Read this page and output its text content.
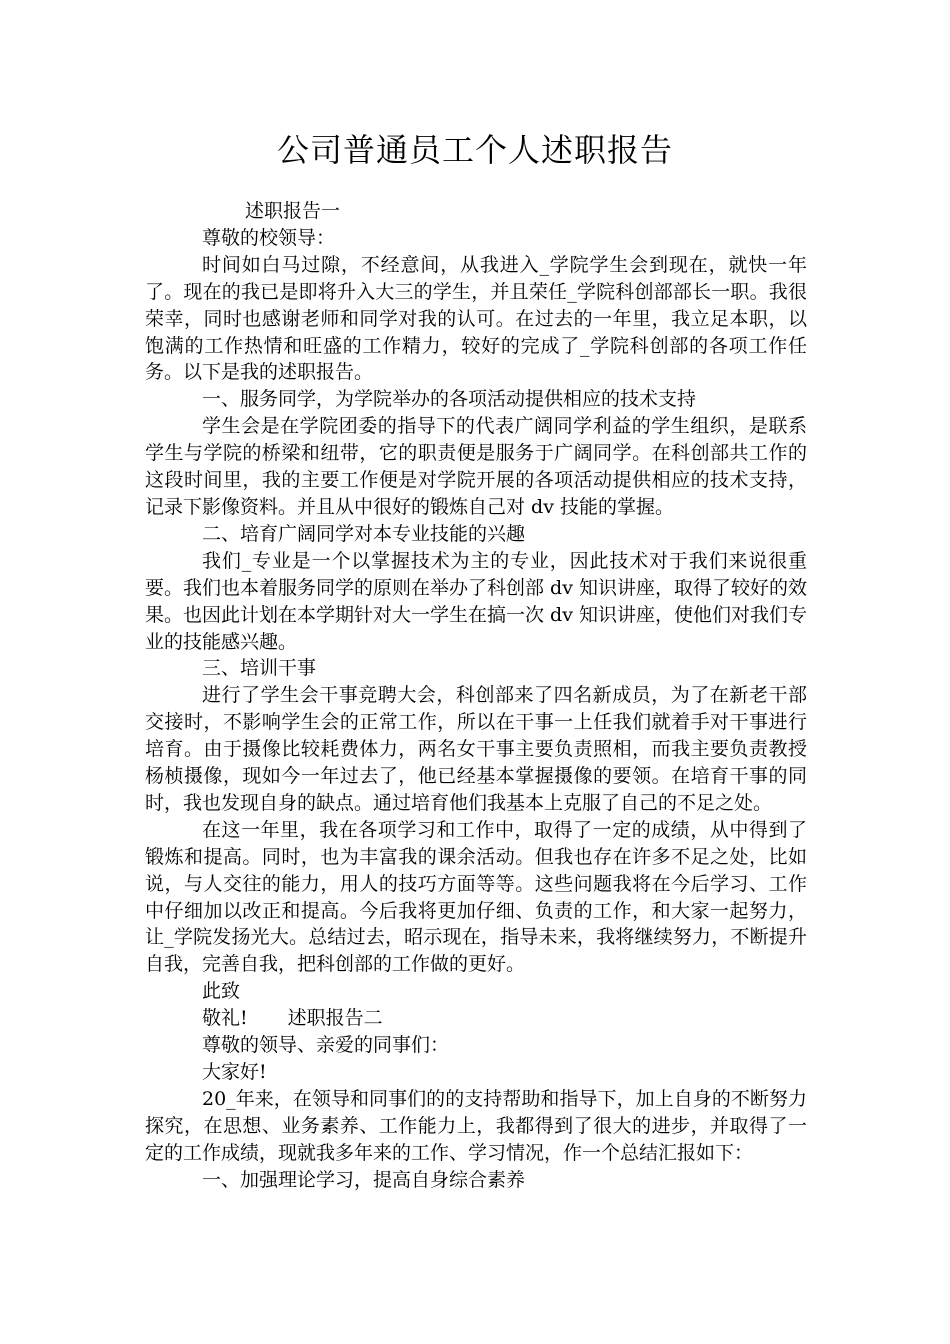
公司普通员工个人述职报告

述职报告一

尊敬的校领导：

时间如白马过隙，不经意间，从我进入_学院学生会到现在，就快一年了。现在的我已是即将升入大三的学生，并且荣任_学院科创部部长一职。我很荣幸，同时也感谢老师和同学对我的认可。在过去的一年里，我立足本职，以饱满的工作热情和旺盛的工作精力，较好的完成了_学院科创部的各项工作任务。以下是我的述职报告。

一、服务同学，为学院举办的各项活动提供相应的技术支持

学生会是在学院团委的指导下的代表广阔同学利益的学生组织，是联系学生与学院的桥梁和纽带，它的职责便是服务于广阔同学。在科创部共工作的这段时间里，我的主要工作便是对学院开展的各项活动提供相应的技术支持，记录下影像资料。并且从中很好的锻炼自己对 dv 技能的掌握。

二、培育广阔同学对本专业技能的兴趣

我们_专业是一个以掌握技术为主的专业，因此技术对于我们来说很重要。我们也本着服务同学的原则在举办了科创部 dv 知识讲座，取得了较好的效果。也因此计划在本学期针对大一学生在搞一次 dv 知识讲座，使他们对我们专业的技能感兴趣。

三、培训干事

进行了学生会干事竞聘大会，科创部来了四名新成员，为了在新老干部交接时，不影响学生会的正常工作，所以在干事一上任我们就着手对干事进行培育。由于摄像比较耗费体力，两名女干事主要负责照相，而我主要负责教授杨桢摄像，现如今一年过去了，他已经基本掌握摄像的要领。在培育干事的同时，我也发现自身的缺点。通过培育他们我基本上克服了自己的不足之处。

在这一年里，我在各项学习和工作中，取得了一定的成绩，从中得到了锻炼和提高。同时，也为丰富我的课余活动。但我也存在许多不足之处，比如说，与人交往的能力，用人的技巧方面等等。这些问题我将在今后学习、工作中仔细加以改正和提高。今后我将更加仔细、负责的工作，和大家一起努力，让_学院发扬光大。总结过去，昭示现在，指导未来，我将继续努力，不断提升自我，完善自我，把科创部的工作做的更好。

此致

敬礼! 述职报告二

尊敬的领导、亲爱的同事们：

大家好!

20_年来，在领导和同事们的的支持帮助和指导下，加上自身的不断努力探究，在思想、业务素养、工作能力上，我都得到了很大的进步，并取得了一定的工作成绩，现就我多年来的工作、学习情况，作一个总结汇报如下：

一、加强理论学习，提高自身综合素养
